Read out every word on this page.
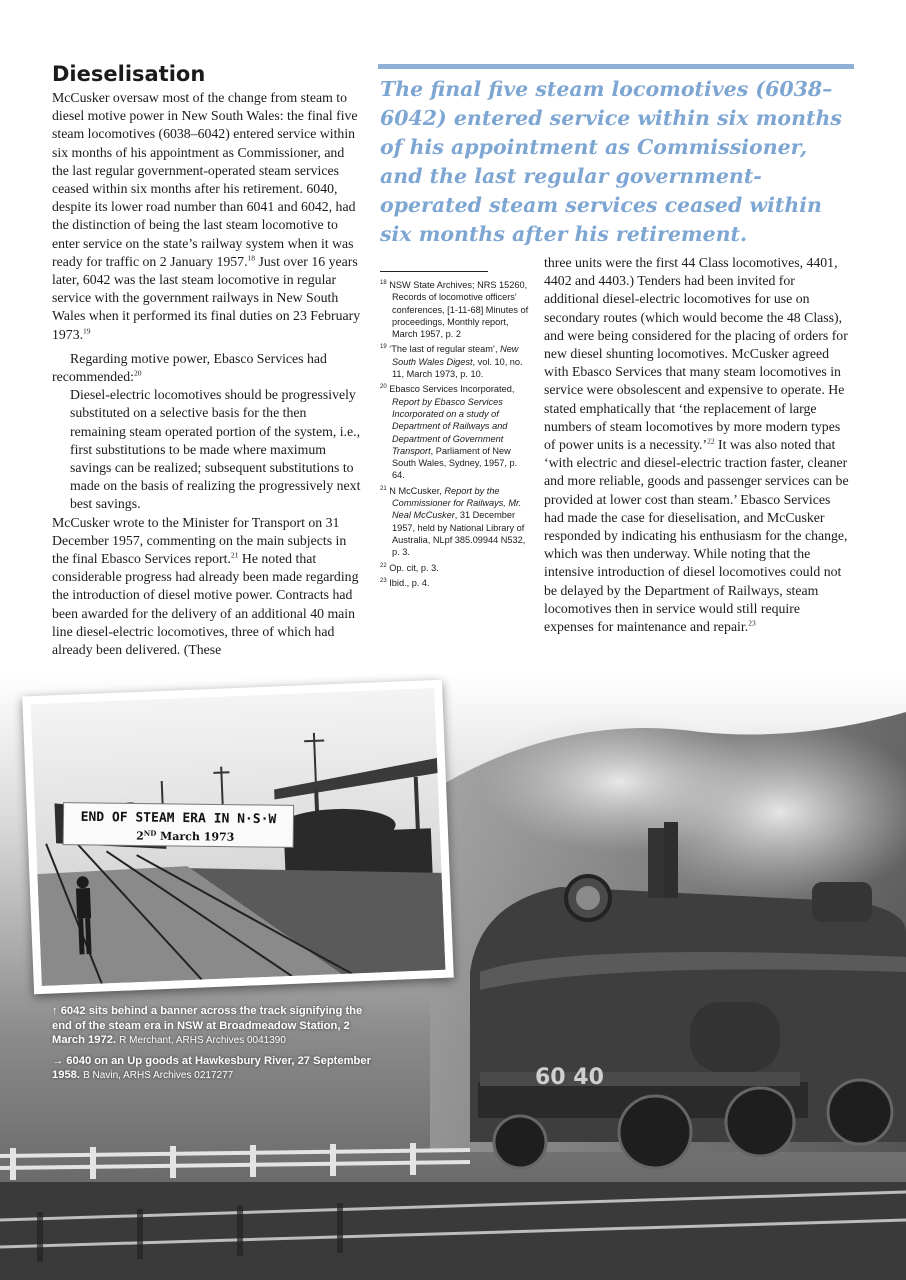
Dieselisation

McCusker oversaw most of the change from steam to diesel motive power in New South Wales: the final five steam locomotives (6038–6042) entered service within six months of his appointment as Commissioner, and the last regular government-operated steam services ceased within six months after his retirement. 6040, despite its lower road number than 6041 and 6042, had the distinction of being the last steam locomotive to enter service on the state’s railway system when it was ready for traffic on 2 January 1957.18 Just over 16 years later, 6042 was the last steam locomotive in regular service with the government railways in New South Wales when it performed its final duties on 23 February 1973.19

Regarding motive power, Ebasco Services had recommended:$^{20}$

Diesel-electric locomotives should be progressively substituted on a selective basis for the then remaining steam operated portion of the system, i.e., first substitutions to be made where maximum savings can be realized; subsequent substitutions to made on the basis of realizing the progressively next best savings.

McCusker wrote to the Minister for Transport on 31 December 1957, commenting on the main subjects in the final Ebasco Services report.$^{21}$ He noted that considerable progress had already been made regarding the introduction of diesel motive power. Contracts had been awarded for the delivery of an additional 40 main line diesel-electric locomotives, three of which had already been delivered. (These

The final five steam locomotives (6038–6042) entered service within six months of his appointment as Commissioner, and the last regular government-operated steam services ceased within six months after his retirement.

$^{18}$ NSW State Archives; NRS 15260, Records of locomotive officers' conferences, [1-11-68] Minutes of proceedings, Monthly report, March 1957, p. 2
$^{19}$ ‘The last of regular steam’, New South Wales Digest, vol. 10, no. 11, March 1973, p. 10.
$^{20}$ Ebasco Services Incorporated, Report by Ebasco Services Incorporated on a study of Department of Railways and Department of Government Transport, Parliament of New South Wales, Sydney, 1957, p. 64.
$^{21}$ N McCusker, Report by the Commissioner for Railways, Mr. Neal McCusker, 31 December 1957, held by National Library of Australia, NLpf 385.09944 N532, p. 3.
$^{22}$ Op. cit, p. 3.
$^{23}$ Ibid., p. 4.

three units were the first 44 Class locomotives, 4401, 4402 and 4403.) Tenders had been invited for additional diesel-electric locomotives for use on secondary routes (which would become the 48 Class), and were being considered for the placing of orders for new diesel shunting locomotives. McCusker agreed with Ebasco Services that many steam locomotives in service were obsolescent and expensive to operate. He stated emphatically that ‘the replacement of large numbers of steam locomotives by more modern types of power units is a necessity.’$^{22}$ It was also noted that ‘with electric and diesel-electric traction faster, cleaner and more reliable, goods and passenger services can be provided at lower cost than steam.’ Ebasco Services had made the case for dieselisation, and McCusker responded by indicating his enthusiasm for the change, which was then underway. While noting that the intensive introduction of diesel locomotives could not be delayed by the Department of Railways, steam locomotives then in service would still require expenses for maintenance and repair.$^{23}$

60 40
END OF STEAM ERA IN N·S·W
2ND March 1973

↑ 6042 sits behind a banner across the track signifying the end of the steam era in NSW at Broadmeadow Station, 2 March 1972. R Merchant, ARHS Archives 0041390

→ 6040 on an Up goods at Hawkesbury River, 27 September 1958. B Navin, ARHS Archives 0217277
